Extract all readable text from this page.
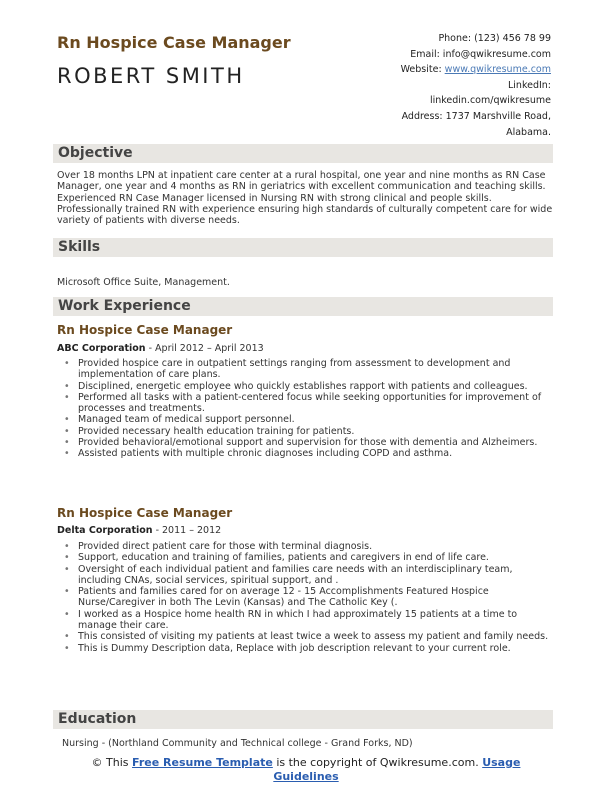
Rn Hospice Case Manager
ROBERT SMITH
Phone: (123) 456 78 99
Email: info@qwikresume.com
Website: www.qwikresume.com
LinkedIn:
linkedin.com/qwikresume
Address: 1737 Marshville Road,
Alabama.
Objective
Over 18 months LPN at inpatient care center at a rural hospital, one year and nine months as RN Case Manager, one year and 4 months as RN in geriatrics with excellent communication and teaching skills. Experienced RN Case Manager licensed in Nursing RN with strong clinical and people skills. Professionally trained RN with experience ensuring high standards of culturally competent care for wide variety of patients with diverse needs.
Skills
Microsoft Office Suite, Management.
Work Experience
Rn Hospice Case Manager
ABC Corporation - April 2012 – April 2013
• Provided hospice care in outpatient settings ranging from assessment to development and implementation of care plans.
• Disciplined, energetic employee who quickly establishes rapport with patients and colleagues.
• Performed all tasks with a patient-centered focus while seeking opportunities for improvement of processes and treatments.
• Managed team of medical support personnel.
• Provided necessary health education training for patients.
• Provided behavioral/emotional support and supervision for those with dementia and Alzheimers.
• Assisted patients with multiple chronic diagnoses including COPD and asthma.
Rn Hospice Case Manager
Delta Corporation - 2011 – 2012
• Provided direct patient care for those with terminal diagnosis.
• Support, education and training of families, patients and caregivers in end of life care.
• Oversight of each individual patient and families care needs with an interdisciplinary team, including CNAs, social services, spiritual support, and .
• Patients and families cared for on average 12 - 15 Accomplishments Featured Hospice Nurse/Caregiver in both The Levin (Kansas) and The Catholic Key (.
• I worked as a Hospice home health RN in which I had approximately 15 patients at a time to manage their care.
• This consisted of visiting my patients at least twice a week to assess my patient and family needs.
• This is Dummy Description data, Replace with job description relevant to your current role.
Education
Nursing - (Northland Community and Technical college - Grand Forks, ND)
© This Free Resume Template is the copyright of Qwikresume.com. Usage
Guidelines
